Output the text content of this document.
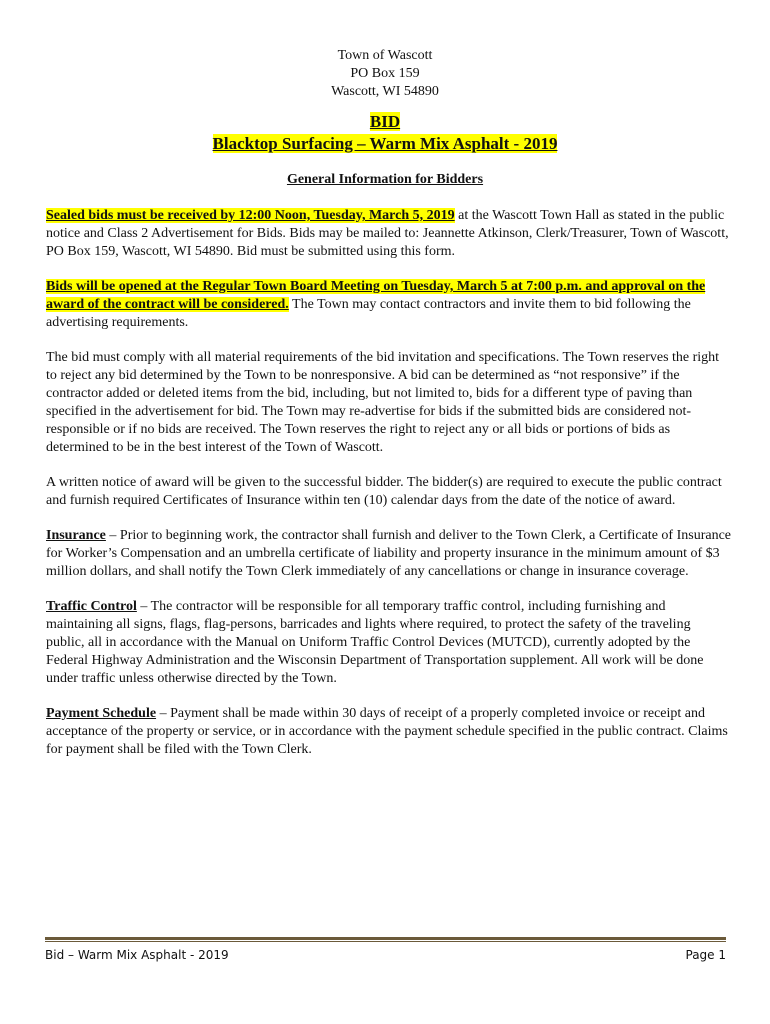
Town of Wascott
PO Box 159
Wascott, WI 54890
BID
Blacktop Surfacing – Warm Mix Asphalt - 2019
General Information for Bidders

Sealed bids must be received by 12:00 Noon, Tuesday, March 5, 2019 at the Wascott Town Hall as stated in the public notice and Class 2 Advertisement for Bids. Bids may be mailed to: Jeannette Atkinson, Clerk/Treasurer, Town of Wascott, PO Box 159, Wascott, WI 54890. Bid must be submitted using this form.

Bids will be opened at the Regular Town Board Meeting on Tuesday, March 5 at 7:00 p.m. and approval on the award of the contract will be considered. The Town may contact contractors and invite them to bid following the advertising requirements.

The bid must comply with all material requirements of the bid invitation and specifications. The Town reserves the right to reject any bid determined by the Town to be nonresponsive. A bid can be determined as “not responsive” if the contractor added or deleted items from the bid, including, but not limited to, bids for a different type of paving than specified in the advertisement for bid. The Town may re-advertise for bids if the submitted bids are considered not-responsible or if no bids are received. The Town reserves the right to reject any or all bids or portions of bids as determined to be in the best interest of the Town of Wascott.

A written notice of award will be given to the successful bidder. The bidder(s) are required to execute the public contract and furnish required Certificates of Insurance within ten (10) calendar days from the date of the notice of award.

Insurance – Prior to beginning work, the contractor shall furnish and deliver to the Town Clerk, a Certificate of Insurance for Worker’s Compensation and an umbrella certificate of liability and property insurance in the minimum amount of $3 million dollars, and shall notify the Town Clerk immediately of any cancellations or change in insurance coverage.

Traffic Control – The contractor will be responsible for all temporary traffic control, including furnishing and maintaining all signs, flags, flag-persons, barricades and lights where required, to protect the safety of the traveling public, all in accordance with the Manual on Uniform Traffic Control Devices (MUTCD), currently adopted by the Federal Highway Administration and the Wisconsin Department of Transportation supplement. All work will be done under traffic unless otherwise directed by the Town.

Payment Schedule – Payment shall be made within 30 days of receipt of a properly completed invoice or receipt and acceptance of the property or service, or in accordance with the payment schedule specified in the public contract. Claims for payment shall be filed with the Town Clerk.

Bid – Warm Mix Asphalt - 2019	Page 1
